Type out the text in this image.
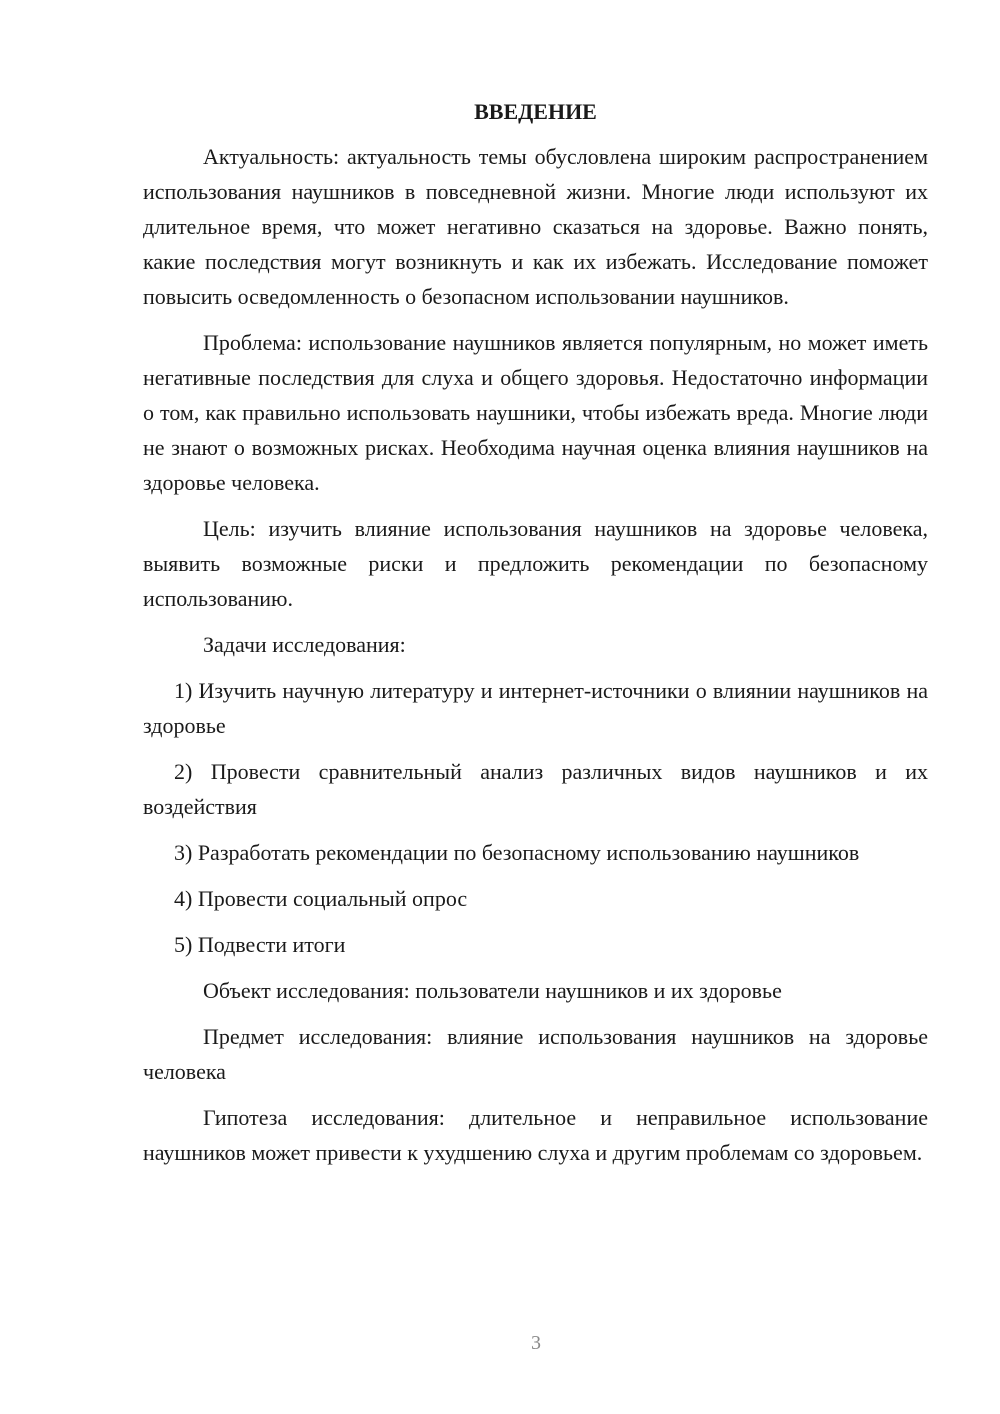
ВВЕДЕНИЕ

Актуальность: актуальность темы обусловлена широким распространением использования наушников в повседневной жизни. Многие люди используют их длительное время, что может негативно сказаться на здоровье. Важно понять, какие последствия могут возникнуть и как их избежать. Исследование поможет повысить осведомленность о безопасном использовании наушников.

Проблема: использование наушников является популярным, но может иметь негативные последствия для слуха и общего здоровья. Недостаточно информации о том, как правильно использовать наушники, чтобы избежать вреда. Многие люди не знают о возможных рисках. Необходима научная оценка влияния наушников на здоровье человека.

Цель: изучить влияние использования наушников на здоровье человека, выявить возможные риски и предложить рекомендации по безопасному использованию.

Задачи исследования:

1) Изучить научную литературу и интернет-источники о влиянии наушников на здоровье

2) Провести сравнительный анализ различных видов наушников и их воздействия

3) Разработать рекомендации по безопасному использованию наушников

4) Провести социальный опрос

5) Подвести итоги

Объект исследования: пользователи наушников и их здоровье

Предмет исследования: влияние использования наушников на здоровье человека

Гипотеза исследования: длительное и неправильное использование наушников может привести к ухудшению слуха и другим проблемам со здоровьем.

3
